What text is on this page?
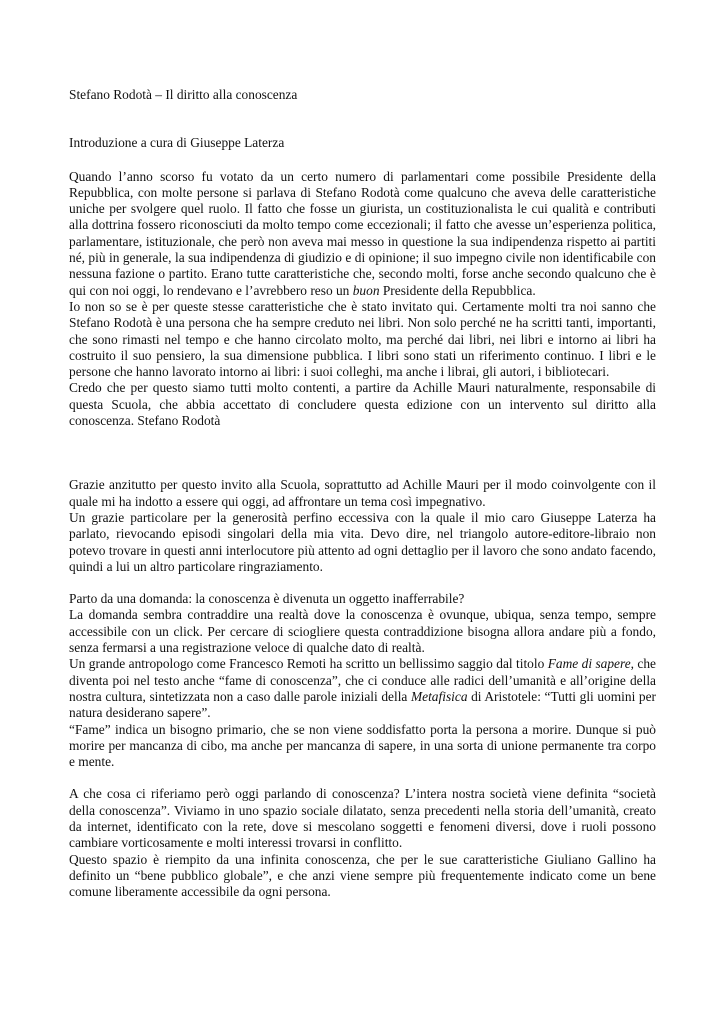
Stefano Rodotà – Il diritto alla conoscenza

Introduzione a cura di Giuseppe Laterza

Quando l’anno scorso fu votato da un certo numero di parlamentari come possibile Presidente della Repubblica, con molte persone si parlava di Stefano Rodotà come qualcuno che aveva delle caratteristiche uniche per svolgere quel ruolo. Il fatto che fosse un giurista, un costituzionalista le cui qualità e contributi alla dottrina fossero riconosciuti da molto tempo come eccezionali; il fatto che avesse un’esperienza politica, parlamentare, istituzionale, che però non aveva mai messo in questione la sua indipendenza rispetto ai partiti né, più in generale, la sua indipendenza di giudizio e di opinione; il suo impegno civile non identificabile con nessuna fazione o partito. Erano tutte caratteristiche che, secondo molti, forse anche secondo qualcuno che è qui con noi oggi, lo rendevano e l’avrebbero reso un buon Presidente della Repubblica.

Io non so se è per queste stesse caratteristiche che è stato invitato qui. Certamente molti tra noi sanno che Stefano Rodotà è una persona che ha sempre creduto nei libri. Non solo perché ne ha scritti tanti, importanti, che sono rimasti nel tempo e che hanno circolato molto, ma perché dai libri, nei libri e intorno ai libri ha costruito il suo pensiero, la sua dimensione pubblica. I libri sono stati un riferimento continuo. I libri e le persone che hanno lavorato intorno ai libri: i suoi colleghi, ma anche i librai, gli autori, i bibliotecari.

Credo che per questo siamo tutti molto contenti, a partire da Achille Mauri naturalmente, responsabile di questa Scuola, che abbia accettato di concludere questa edizione con un intervento sul diritto alla conoscenza. Stefano Rodotà

Grazie anzitutto per questo invito alla Scuola, soprattutto ad Achille Mauri per il modo coinvolgente con il quale mi ha indotto a essere qui oggi, ad affrontare un tema così impegnativo.

Un grazie particolare per la generosità perfino eccessiva con la quale il mio caro Giuseppe Laterza ha parlato, rievocando episodi singolari della mia vita. Devo dire, nel triangolo autore-editore-libraio non potevo trovare in questi anni interlocutore più attento ad ogni dettaglio per il lavoro che sono andato facendo, quindi a lui un altro particolare ringraziamento.

Parto da una domanda: la conoscenza è divenuta un oggetto inafferrabile?

La domanda sembra contraddire una realtà dove la conoscenza è ovunque, ubiqua, senza tempo, sempre accessibile con un click. Per cercare di sciogliere questa contraddizione bisogna allora andare più a fondo, senza fermarsi a una registrazione veloce di qualche dato di realtà.

Un grande antropologo come Francesco Remoti ha scritto un bellissimo saggio dal titolo Fame di sapere, che diventa poi nel testo anche “fame di conoscenza”, che ci conduce alle radici dell’umanità e all’origine della nostra cultura, sintetizzata non a caso dalle parole iniziali della Metafisica di Aristotele: “Tutti gli uomini per natura desiderano sapere”.

“Fame” indica un bisogno primario, che se non viene soddisfatto porta la persona a morire. Dunque si può morire per mancanza di cibo, ma anche per mancanza di sapere, in una sorta di unione permanente tra corpo e mente.

A che cosa ci riferiamo però oggi parlando di conoscenza? L’intera nostra società viene definita “società della conoscenza”. Viviamo in uno spazio sociale dilatato, senza precedenti nella storia dell’umanità, creato da internet, identificato con la rete, dove si mescolano soggetti e fenomeni diversi, dove i ruoli possono cambiare vorticosamente e molti interessi trovarsi in conflitto.

Questo spazio è riempito da una infinita conoscenza, che per le sue caratteristiche Giuliano Gallino ha definito un “bene pubblico globale”, e che anzi viene sempre più frequentemente indicato come un bene comune liberamente accessibile da ogni persona.
